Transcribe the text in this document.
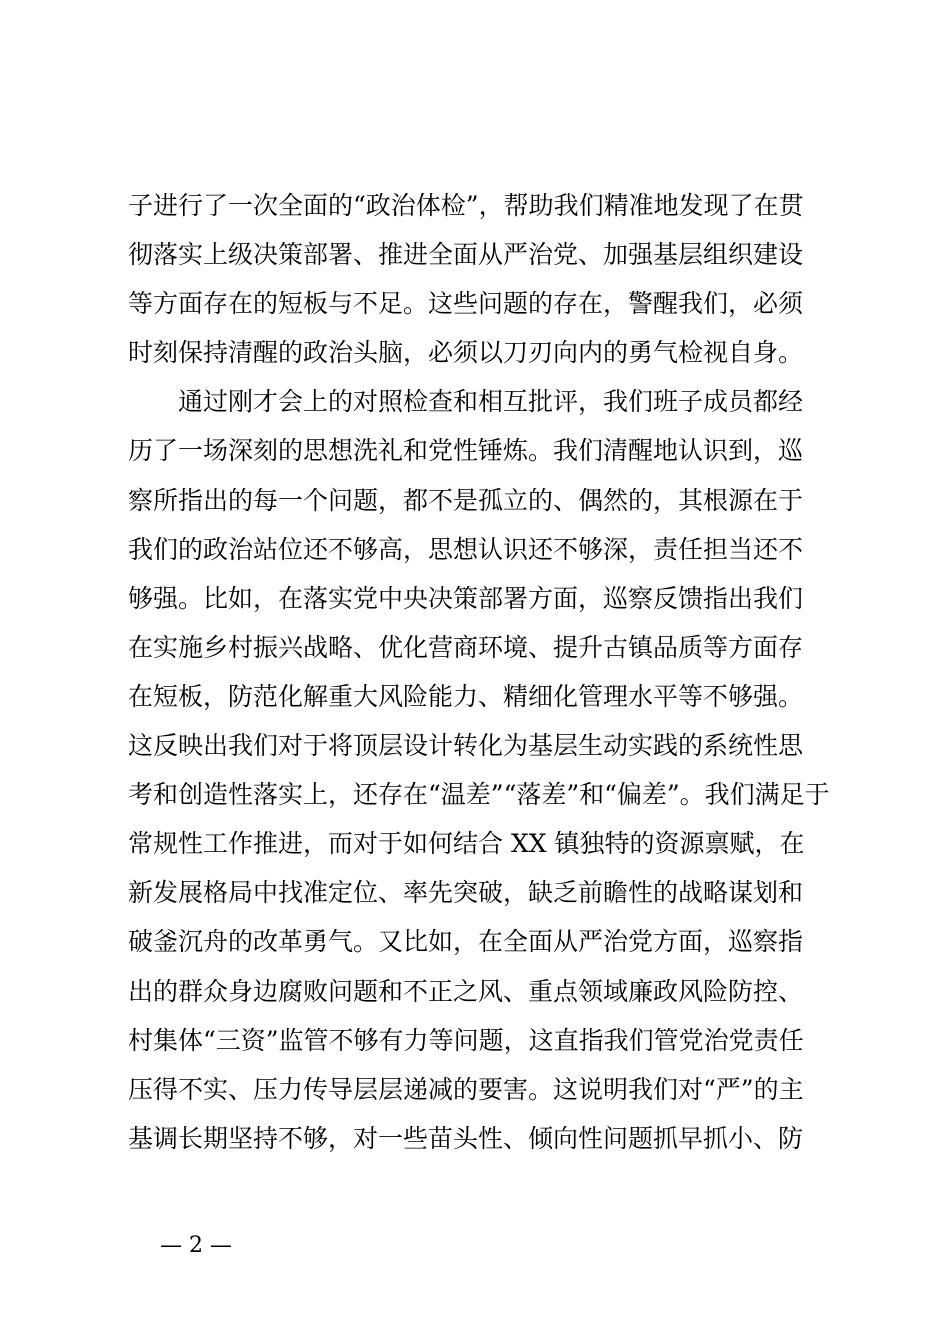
子进行了一次全面的“政治体检”，帮助我们精准地发现了在贯
彻落实上级决策部署、推进全面从严治党、加强基层组织建设
等方面存在的短板与不足。这些问题的存在，警醒我们，必须
时刻保持清醒的政治头脑，必须以刀刃向内的勇气检视自身。
　　通过刚才会上的对照检查和相互批评，我们班子成员都经
历了一场深刻的思想洗礼和党性锤炼。我们清醒地认识到，巡
察所指出的每一个问题，都不是孤立的、偶然的，其根源在于
我们的政治站位还不够高，思想认识还不够深，责任担当还不
够强。比如，在落实党中央决策部署方面，巡察反馈指出我们
在实施乡村振兴战略、优化营商环境、提升古镇品质等方面存
在短板，防范化解重大风险能力、精细化管理水平等不够强。
这反映出我们对于将顶层设计转化为基层生动实践的系统性思
考和创造性落实上，还存在“温差”“落差”和“偏差”。我们满足于
常规性工作推进，而对于如何结合 XX 镇独特的资源禀赋，在
新发展格局中找准定位、率先突破，缺乏前瞻性的战略谋划和
破釜沉舟的改革勇气。又比如，在全面从严治党方面，巡察指
出的群众身边腐败问题和不正之风、重点领域廉政风险防控、
村集体“三资”监管不够有力等问题，这直指我们管党治党责任
压得不实、压力传导层层递减的要害。这说明我们对“严”的主
基调长期坚持不够，对一些苗头性、倾向性问题抓早抓小、防
— 2 —
